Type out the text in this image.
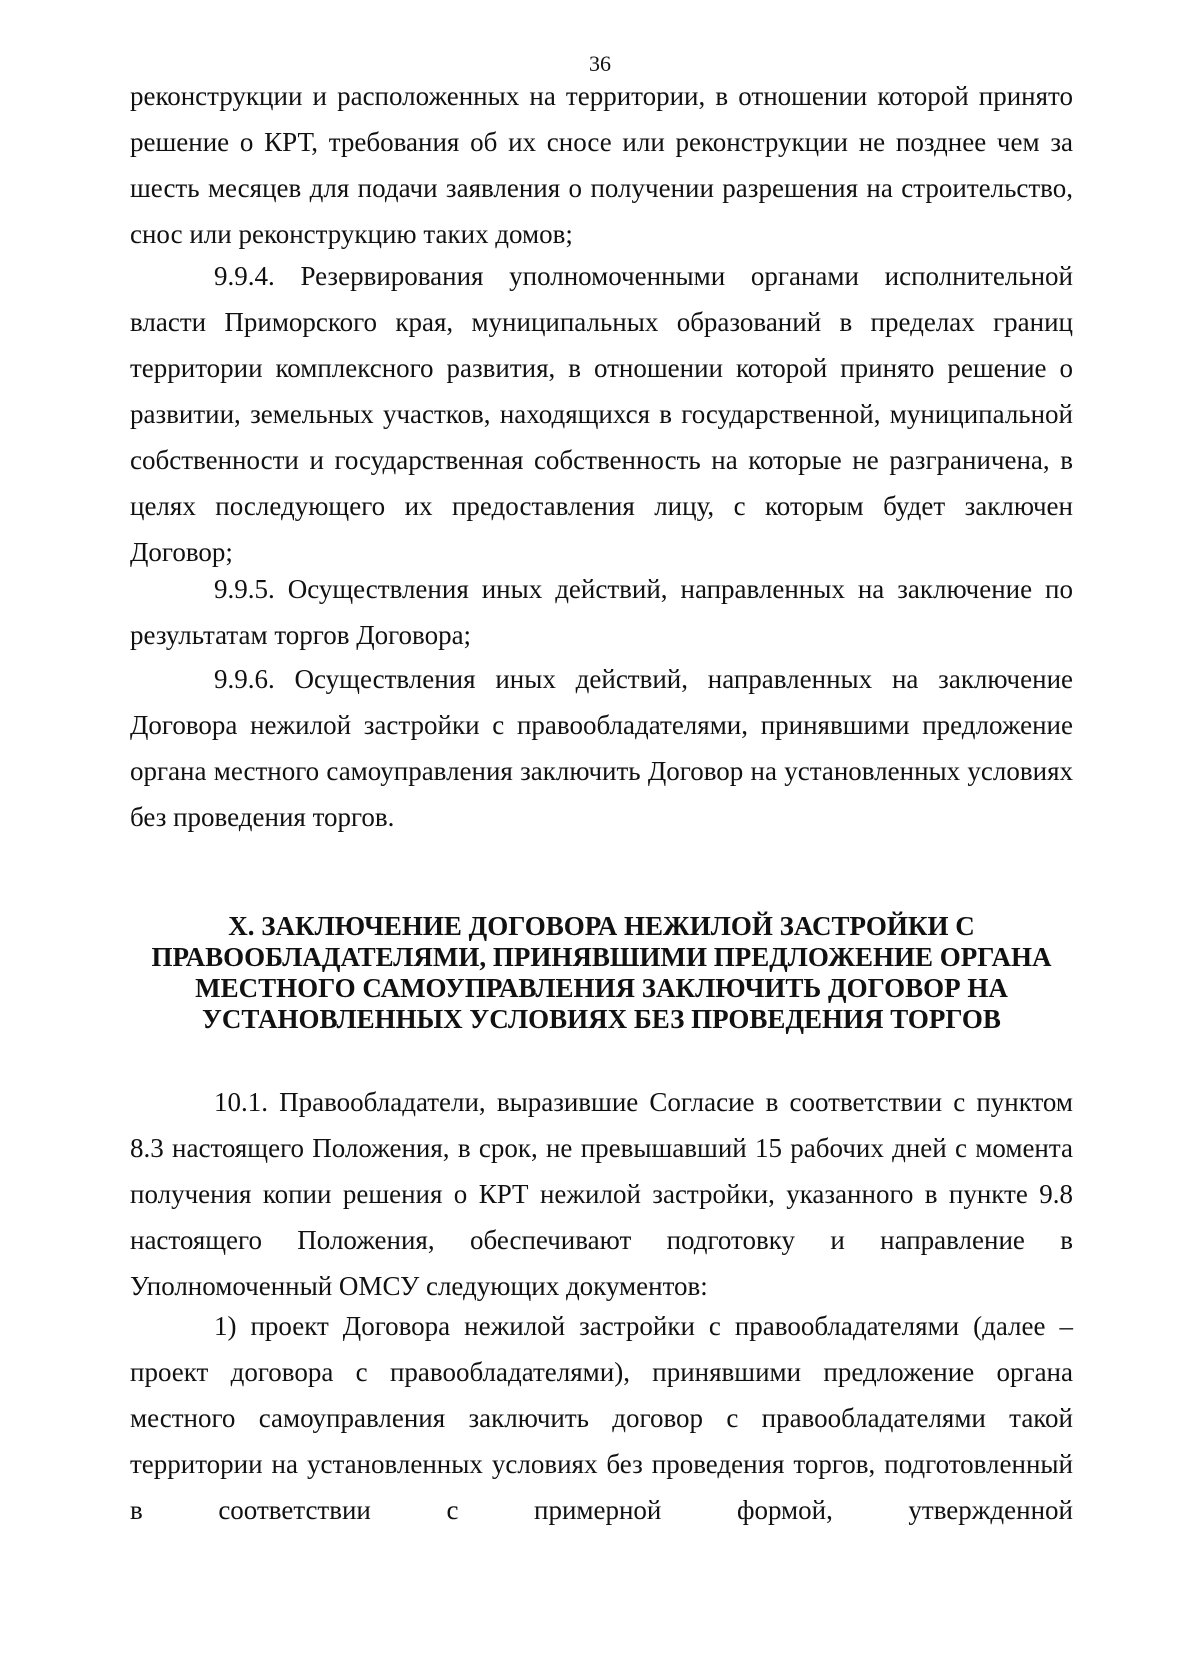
36
реконструкции и расположенных на территории, в отношении которой принято решение о КРТ, требования об их сносе или реконструкции не позднее чем за шесть месяцев для подачи заявления о получении разрешения на строительство, снос или реконструкцию таких домов;
9.9.4. Резервирования уполномоченными органами исполнительной власти Приморского края, муниципальных образований в пределах границ территории комплексного развития, в отношении которой принято решение о развитии, земельных участков, находящихся в государственной, муниципальной собственности и государственная собственность на которые не разграничена, в целях последующего их предоставления лицу, с которым будет заключен Договор;
9.9.5. Осуществления иных действий, направленных на заключение по результатам торгов Договора;
9.9.6. Осуществления иных действий, направленных на заключение Договора нежилой застройки с правообладателями, принявшими предложение органа местного самоуправления заключить Договор на установленных условиях без проведения торгов.
X. ЗАКЛЮЧЕНИЕ ДОГОВОРА НЕЖИЛОЙ ЗАСТРОЙКИ С
ПРАВООБЛАДАТЕЛЯМИ, ПРИНЯВШИМИ ПРЕДЛОЖЕНИЕ ОРГАНА
МЕСТНОГО САМОУПРАВЛЕНИЯ ЗАКЛЮЧИТЬ ДОГОВОР НА
УСТАНОВЛЕННЫХ УСЛОВИЯХ БЕЗ ПРОВЕДЕНИЯ ТОРГОВ
10.1. Правообладатели, выразившие Согласие в соответствии с пунктом 8.3 настоящего Положения, в срок, не превышавший 15 рабочих дней с момента получения копии решения о КРТ нежилой застройки, указанного в пункте 9.8 настоящего Положения, обеспечивают подготовку и направление в Уполномоченный ОМСУ следующих документов:
1) проект Договора нежилой застройки с правообладателями (далее – проект договора с правообладателями), принявшими предложение органа местного самоуправления заключить договор с правообладателями такой территории на установленных условиях без проведения торгов, подготовленный в соответствии с примерной формой, утвержденной
